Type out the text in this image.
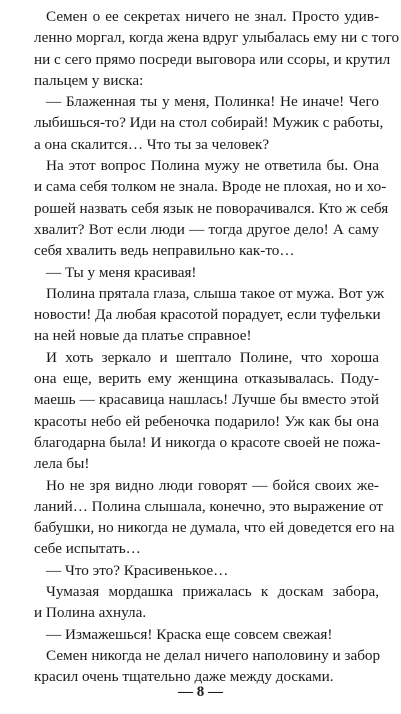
Семен о ее секретах ничего не знал. Просто удив-
ленно моргал, когда жена вдруг улыбалась ему ни с того
ни с сего прямо посреди выговора или ссоры, и крутил
пальцем у виска:
— Блаженная ты у меня, Полинка! Не иначе! Чего
лыбишься-то? Иди на стол собирай! Мужик с работы,
а она скалится… Что ты за человек?
На этот вопрос Полина мужу не ответила бы. Она
и сама себя толком не знала. Вроде не плохая, но и хо-
рошей назвать себя язык не поворачивался. Кто ж себя
хвалит? Вот если люди — тогда другое дело! А саму
себя хвалить ведь неправильно как-то…
— Ты у меня красивая!
Полина прятала глаза, слыша такое от мужа. Вот уж
новости! Да любая красотой порадует, если туфельки
на ней новые да платье справное!
И хоть зеркало и шептало Полине, что хороша
она еще, верить ему женщина отказывалась. Поду-
маешь — красавица нашлась! Лучше бы вместо этой
красоты небо ей ребеночка подарило! Уж как бы она
благодарна была! И никогда о красоте своей не пожа-
лела бы!
Но не зря видно люди говорят — бойся своих же-
ланий… Полина слышала, конечно, это выражение от
бабушки, но никогда не думала, что ей доведется его на
себе испытать…
— Что это? Красивенькое…
Чумазая мордашка прижалась к доскам забора,
и Полина ахнула.
— Измажешься! Краска еще совсем свежая!
Семен никогда не делал ничего наполовину и забор
красил очень тщательно даже между досками.
— 8 —
